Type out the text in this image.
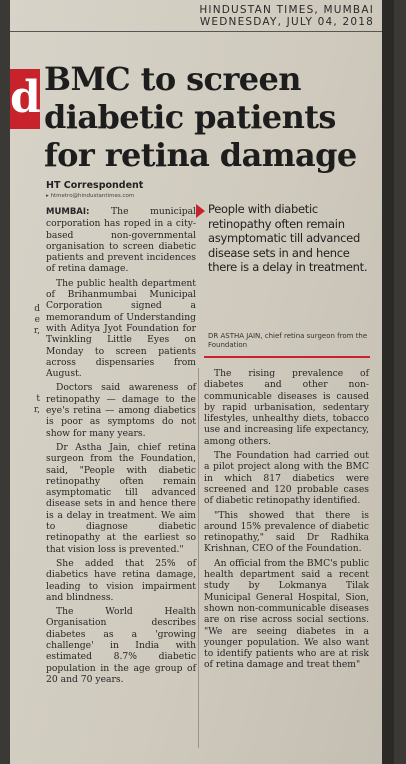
HINDUSTAN TIMES, MUMBAI
WEDNESDAY, JULY 04, 2018
d BMC to screen
diabetic patients
for retina damage
HT Correspondent
▸ htmetro@hindustantimes.com
d
e
r,

t
r,

MUMBAI: The municipal corporation has roped in a city-based non-governmental organisation to screen diabetic patients and prevent incidences of retina damage.

The public health department of Brihanmumbai Municipal Corporation signed a memorandum of Understanding with Aditya Jyot Foundation for Twinkling Little Eyes on Monday to screen patients across dispensaries from August.

Doctors said awareness of retinopathy — damage to the eye's retina — among diabetics is poor as symptoms do not show for many years.

Dr Astha Jain, chief retina surgeon from the Foundation, said, "People with diabetic retinopathy often remain asymptomatic till advanced disease sets in and hence there is a delay in treatment. We aim to diagnose diabetic retinopathy at the earliest so that vision loss is prevented."

She added that 25% of diabetics have retina damage, leading to vision impairment and blindness.

The World Health Organisation describes diabetes as a 'growing challenge' in India with estimated 8.7% diabetic population in the age group of 20 and 70 years.

People with diabetic retinopathy often remain asymptomatic till advanced disease sets in and hence there is a delay in treatment.
DR ASTHA JAIN, chief retina surgeon from the Foundation

The rising prevalence of diabetes and other non-communicable diseases is caused by rapid urbanisation, sedentary lifestyles, unhealthy diets, tobacco use and increasing life expectancy, among others.

The Foundation had carried out a pilot project along with the BMC in which 817 diabetics were screened and 120 probable cases of diabetic retinopathy identified.

"This showed that there is around 15% prevalence of diabetic retinopathy," said Dr Radhika Krishnan, CEO of the Foundation.

An official from the BMC's public health department said a recent study by Lokmanya Tilak Municipal General Hospital, Sion, shown non-communicable diseases are on rise across social sections. "We are seeing diabetes in a younger population. We also want to identify patients who are at risk of retina damage and treat them"
